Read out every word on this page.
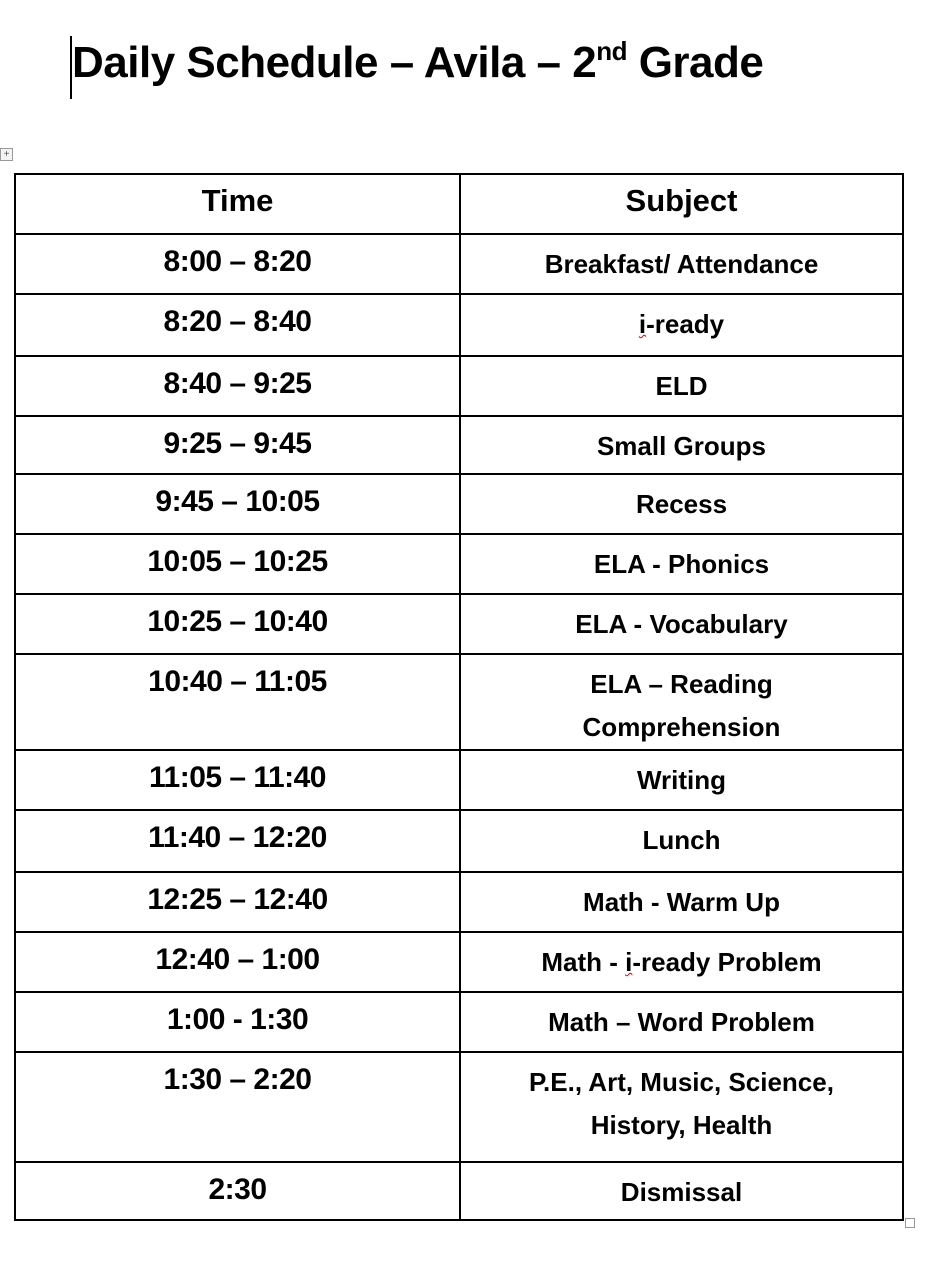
Daily Schedule – Avila – 2nd Grade
+
Time	Subject
8:00 – 8:20	Breakfast/ Attendance

8:20 – 8:40	i-ready

8:40 – 9:25	ELD

9:25 – 9:45	Small Groups

9:45 – 10:05	Recess

10:05 – 10:25	ELA - Phonics

10:25 – 10:40	ELA - Vocabulary

10:40 – 11:05	ELA – Reading
Comprehension

11:05 – 11:40	Writing

11:40 – 12:20	Lunch

12:25 – 12:40	Math - Warm Up

12:40 – 1:00	Math - i-ready Problem

1:00 - 1:30	Math – Word Problem

1:30 – 2:20	P.E., Art, Music, Science,
History, Health

2:30	Dismissal
